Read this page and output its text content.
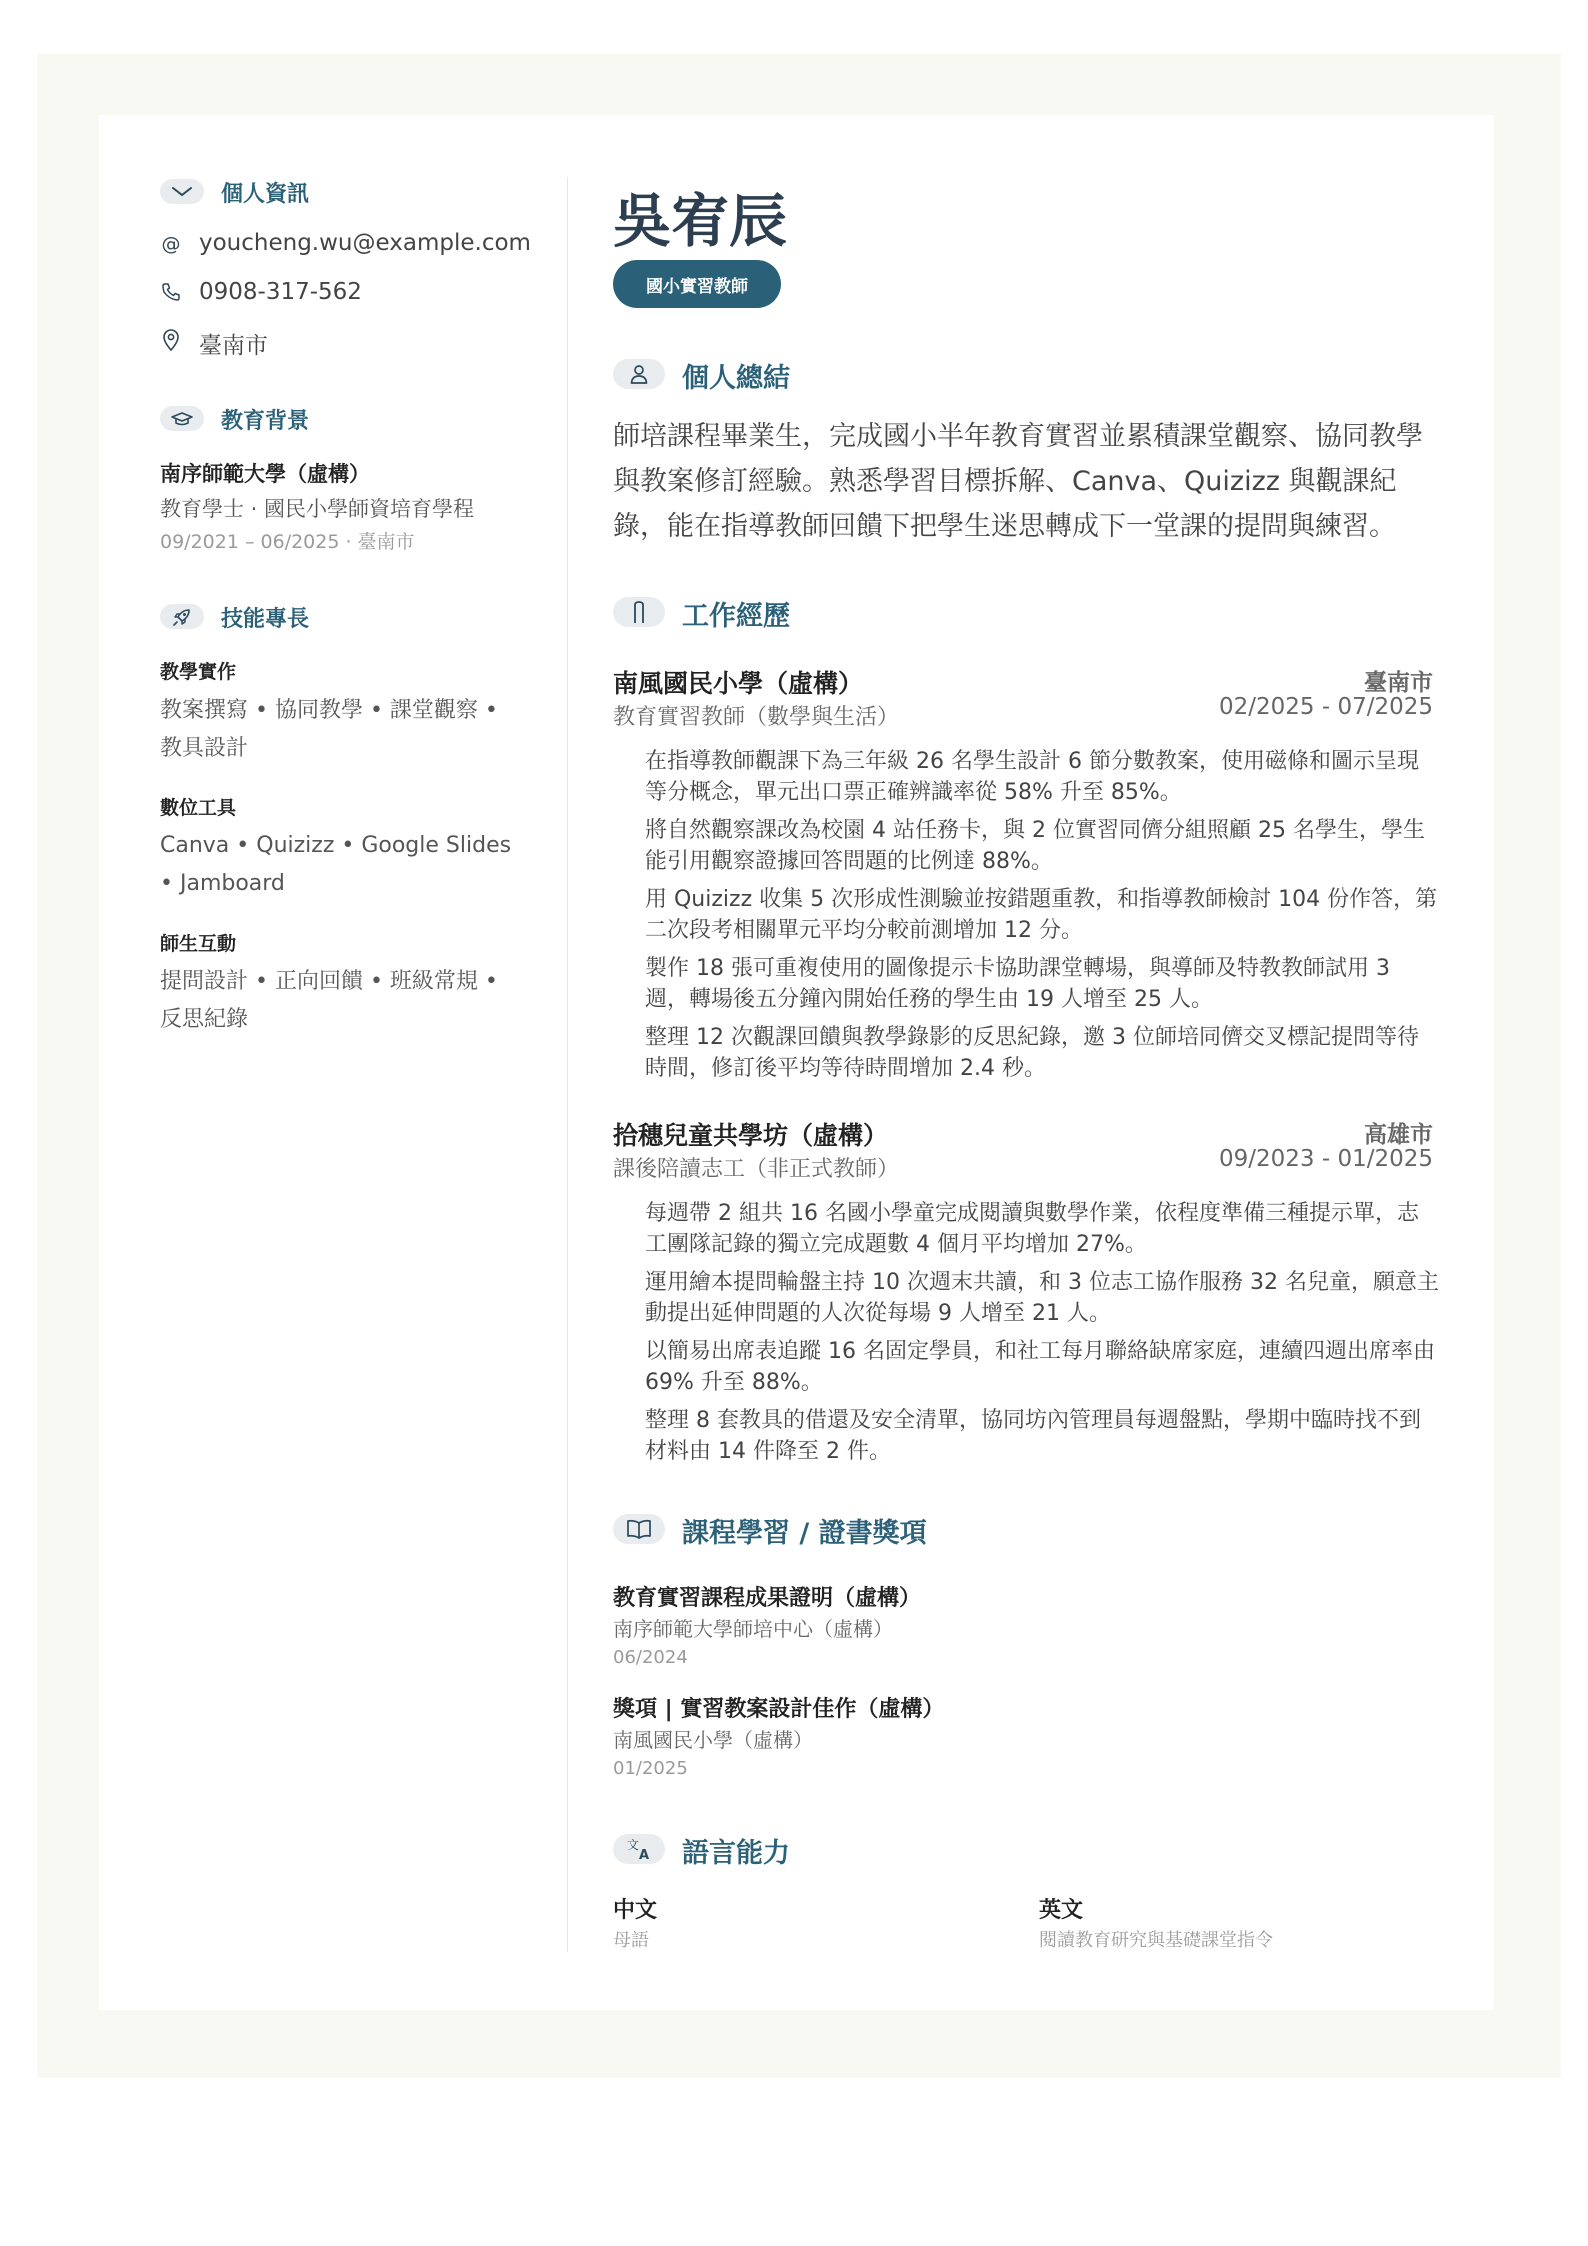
個人資訊
@ youcheng.wu@example.com
0908-317-562
臺南市
教育背景
南序師範大學（虛構）
教育學士 · 國民小學師資培育學程
09/2021 – 06/2025 · 臺南市
技能專長
教學實作
教案撰寫 • 協同教學 • 課堂觀察 • 教具設計
數位工具
Canva • Quizizz • Google Slides • Jamboard
師生互動
提問設計 • 正向回饋 • 班級常規 • 反思紀錄
吳宥辰
國小實習教師
個人總結
師培課程畢業生，完成國小半年教育實習並累積課堂觀察、協同教學與教案修訂經驗。熟悉學習目標拆解、Canva、Quizizz 與觀課紀錄，能在指導教師回饋下把學生迷思轉成下一堂課的提問與練習。
工作經歷
南風國民小學（虛構）
教育實習教師（數學與生活）
臺南市
02/2025 - 07/2025
在指導教師觀課下為三年級 26 名學生設計 6 節分數教案，使用磁條和圖示呈現等分概念，單元出口票正確辨識率從 58% 升至 85%。
將自然觀察課改為校園 4 站任務卡，與 2 位實習同儕分組照顧 25 名學生，學生能引用觀察證據回答問題的比例達 88%。
用 Quizizz 收集 5 次形成性測驗並按錯題重教，和指導教師檢討 104 份作答，第二次段考相關單元平均分較前測增加 12 分。
製作 18 張可重複使用的圖像提示卡協助課堂轉場，與導師及特教教師試用 3 週，轉場後五分鐘內開始任務的學生由 19 人增至 25 人。
整理 12 次觀課回饋與教學錄影的反思紀錄，邀 3 位師培同儕交叉標記提問等待時間，修訂後平均等待時間增加 2.4 秒。
拾穗兒童共學坊（虛構）
課後陪讀志工（非正式教師）
高雄市
09/2023 - 01/2025
每週帶 2 組共 16 名國小學童完成閱讀與數學作業，依程度準備三種提示單，志工團隊記錄的獨立完成題數 4 個月平均增加 27%。
運用繪本提問輪盤主持 10 次週末共讀，和 3 位志工協作服務 32 名兒童，願意主動提出延伸問題的人次從每場 9 人增至 21 人。
以簡易出席表追蹤 16 名固定學員，和社工每月聯絡缺席家庭，連續四週出席率由 69% 升至 88%。
整理 8 套教具的借還及安全清單，協同坊內管理員每週盤點，學期中臨時找不到材料由 14 件降至 2 件。
課程學習 / 證書獎項
教育實習課程成果證明（虛構）
南序師範大學師培中心（虛構）
06/2024
獎項 | 實習教案設計佳作（虛構）
南風國民小學（虛構）
01/2025
文
A 語言能力
中文
母語
英文
閱讀教育研究與基礎課堂指令
